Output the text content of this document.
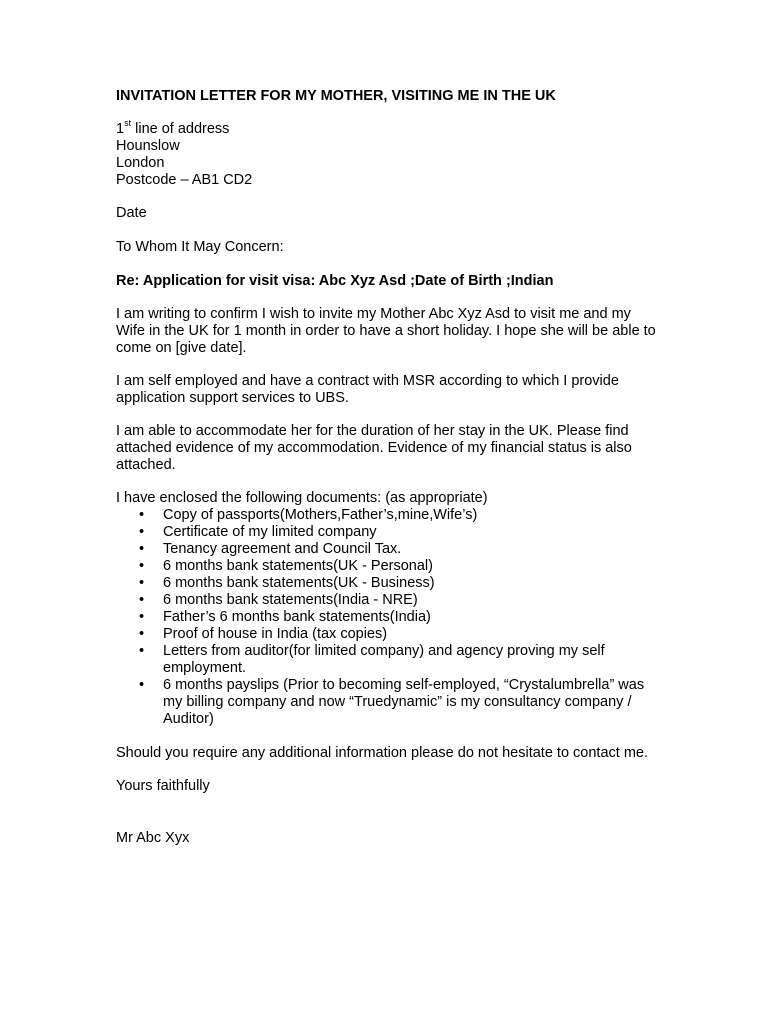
INVITATION LETTER FOR MY MOTHER, VISITING ME IN THE UK

1st line of address
Hounslow
London
Postcode – AB1 CD2

Date

To Whom It May Concern:

Re: Application for visit visa: Abc Xyz Asd ;Date of Birth ;Indian

I am writing to confirm I wish to invite my Mother Abc Xyz Asd to visit me and my Wife in the UK for 1 month in order to have a short holiday. I hope she will be able to come on [give date].

I am self employed and have a contract with MSR according to which I provide application support services to UBS.

I am able to accommodate her for the duration of her stay in the UK. Please find attached evidence of my accommodation. Evidence of my financial status is also attached.

I have enclosed the following documents: (as appropriate)

• Copy of passports(Mothers,Father’s,mine,Wife’s)
• Certificate of my limited company
• Tenancy agreement and Council Tax.
• 6 months bank statements(UK - Personal)
• 6 months bank statements(UK - Business)
• 6 months bank statements(India - NRE)
• Father’s 6 months bank statements(India)
• Proof of house in India (tax copies)
• Letters from auditor(for limited company) and agency proving my self employment.
• 6 months payslips (Prior to becoming self-employed, “Crystalumbrella” was my billing company and now “Truedynamic” is my consultancy company / Auditor)

Should you require any additional information please do not hesitate to contact me.

Yours faithfully

Mr Abc Xyx
